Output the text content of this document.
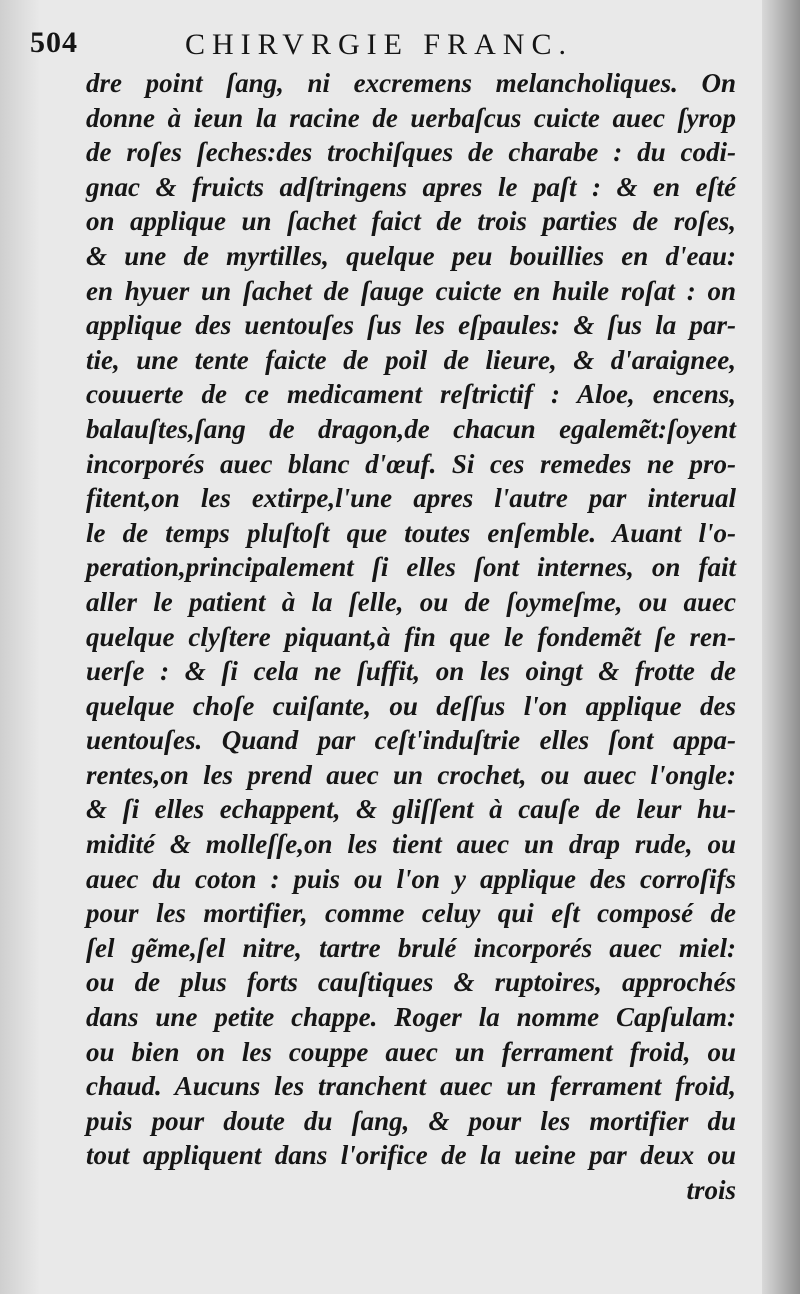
504	CHIRVRGIE FRANC.
dre point ſang, ni excremens melancholiques. On
donne à ieun la racine de uerbaſcus cuicte auec ſyrop
de roſes ſeches:des trochiſques de charabe : du codi-
gnac & fruicts adſtringens apres le paſt : & en eſté
on applique un ſachet faict de trois parties de roſes,
& une de myrtilles, quelque peu bouillies en d'eau:
en hyuer un ſachet de ſauge cuicte en huile roſat : on
applique des uentouſes ſus les eſpaules: & ſus la par-
tie, une tente faicte de poil de lieure, & d'araignee,
couuerte de ce medicament reſtrictif : Aloe, encens,
balauſtes,ſang de dragon,de chacun egalemẽt:ſoyent
incorporés auec blanc d'œuf. Si ces remedes ne pro-
fitent,on les extirpe,l'une apres l'autre par interual
le de temps pluſtoſt que toutes enſemble. Auant l'o-
peration,principalement ſi elles ſont internes, on fait
aller le patient à la ſelle, ou de ſoymeſme, ou auec
quelque clyſtere piquant,à fin que le fondemẽt ſe ren-
uerſe : & ſi cela ne ſuffit, on les oingt & frotte de
quelque choſe cuiſante, ou deſſus l'on applique des
uentouſes. Quand par ceſt'induſtrie elles ſont appa-
rentes,on les prend auec un crochet, ou auec l'ongle:
& ſi elles echappent, & gliſſent à cauſe de leur hu-
midité & molleſſe,on les tient auec un drap rude, ou
auec du coton : puis ou l'on y applique des corroſifs
pour les mortifier, comme celuy qui eſt composé de
ſel gẽme,ſel nitre, tartre brulé incorporés auec miel:
ou de plus forts cauſtiques & ruptoires, approchés
dans une petite chappe. Roger la nomme Capſulam:
ou bien on les couppe auec un ferrament froid, ou
chaud. Aucuns les tranchent auec un ferrament froid,
puis pour doute du ſang, & pour les mortifier du
tout appliquent dans l'orifice de la ueine par deux ou
trois
